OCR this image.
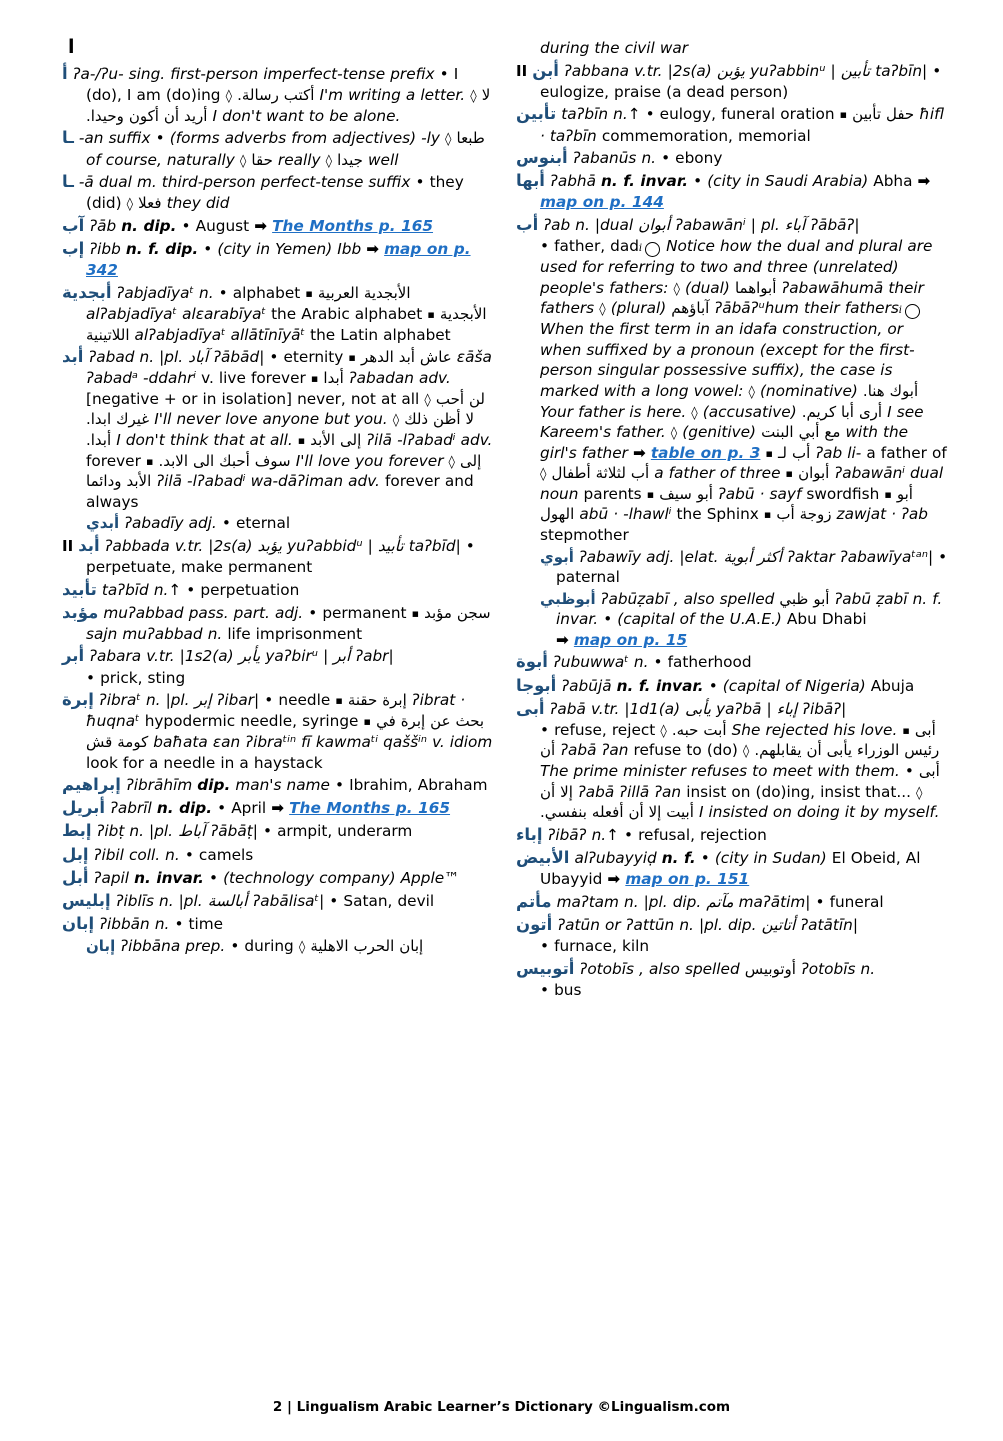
ا
أ ʔa-/ʔu- sing. first-person imperfect-tense prefix • I (do), I am (do)ing ◊ أكتب رسالة. I'm writing a letter. ◊ لا أريد أن أكون وحيدا. I don't want to be alone.
ـا -an suffix • (forms adverbs from adjectives) -ly ◊ طبعا of course, naturally ◊ حقا really ◊ جيدا well
ـا -ā dual m. third-person perfect-tense suffix • they (did) ◊ فعلا they did
آب ʔāb n. dip. • August ➡ The Months p. 165
إب ʔibb n. f. dip. • (city in Yemen) Ibb ➡ map on p. 342
أبجدية ʔabjadīyaᵗ n. • alphabet ▪ الأبجدية العربية alʔabjadīyaᵗ alɛarabīyaᵗ the Arabic alphabet ▪ الأبجدية اللاتينية alʔabjadīyaᵗ allātīnīyāᵗ the Latin alphabet
أبد ʔabad n. |pl. آباد ʔābād| • eternity ▪ عاش أبد الدهر ɛāša ʔabadᵃ -ddahrⁱ v. live forever ▪ أبدا ʔabadan adv. [negative + or in isolation] never, not at all ◊ لن أحب غيرك ابدا. I'll never love anyone but you. ◊ لا أظن ذلك أبدا. I don't think that at all. ▪ إلى الأبد ʔilā -lʔabadⁱ adv. forever ▪ سوف أحبك الى الابد. I'll love you forever ◊ إلى الأبد ودائما ʔilā -lʔabadⁱ wa-dāʔiman adv. forever and always
أبدي ʔabadīy adj. • eternal
II أبد ʔabbada v.tr. |2s(a) يؤبد yuʔabbidᵘ | تأبيد taʔbīd| • perpetuate, make permanent
تأبيد taʔbīd n.↑ • perpetuation
مؤبد muʔabbad pass. part. adj. • permanent ▪ سجن مؤبد sajn muʔabbad n. life imprisonment
أبر ʔabara v.tr. |1s2(a) يأبر yaʔbirᵘ | أبر ʔabr|
• prick, sting
إبرة ʔibraᵗ n. |pl. إبر ʔibar| • needle ▪ إبرة حقنة ʔibrat · ħuqnaᵗ hypodermic needle, syringe ▪ بحث عن إبرة في كومة قش baħata ɛan ʔibraᵗⁱⁿ fī kawmaᵗⁱ qaššⁱⁿ v. idiom look for a needle in a haystack
إبراهيم ʔibrāhīm dip. man's name • Ibrahim, Abraham
أبريل ʔabrīl n. dip. • April ➡ The Months p. 165
إبط ʔibṭ n. |pl. آباط ʔābāṭ| • armpit, underarm
إبل ʔibil coll. n. • camels
أبل ʔapil n. invar. • (technology company) Apple™
إبليس ʔiblīs n. |pl. أبالسة ʔabālisaᵗ| • Satan, devil
إبان ʔibbān n. • time
إبان ʔibbāna prep. • during ◊ إبان الحرب الاهلية
during the civil war
II أبن ʔabbana v.tr. |2s(a) يؤبن yuʔabbinᵘ | تأبين taʔbīn| • eulogize, praise (a dead person)
تأبين taʔbīn n.↑ • eulogy, funeral oration ▪ حفل تأبين ħifl · taʔbīn commemoration, memorial
أبنوس ʔabanūs n. • ebony
أبها ʔabhā n. f. invar. • (city in Saudi Arabia) Abha ➡ map on p. 144
أب ʔab n. |dual أبوان ʔabawānⁱ | pl. آباء ʔābāʔ|
• father, dad i Notice how the dual and plural are used for referring to two and three (unrelated) people's fathers: ◊ (dual) أبواهما ʔabawāhumā their fathers ◊ (plural) آباؤهم ʔābāʔᵘhum their fathers i When the first term in an idafa construction, or when suffixed by a pronoun (except for the first-person singular possessive suffix), the case is marked with a long vowel: ◊ (nominative) أبوك هنا. Your father is here. ◊ (accusative) أرى أبا كريم. I see Kareem's father. ◊ (genitive) مع أبي البنت with the girl's father ➡ table on p. 3 ▪ أب لـ ʔab li- a father of ◊ أب لثلاثة أطفال a father of three ▪ أبوان ʔabawānⁱ dual noun parents ▪ أبو سيف ʔabū · sayf swordfish ▪ أبو الهول abū · -lhawlⁱ the Sphinx ▪ زوجة أب zawjat · ʔab stepmother
أبوي ʔabawīy adj. |elat. أكثر أبوية ʔaktar ʔabawīyaᵗᵃⁿ| • paternal
أبوظبي ʔabūẓabī , also spelled أبو ظبي ʔabū ẓabī n. f. invar. • (capital of the U.A.E.) Abu Dhabi
➡ map on p. 15
أبوة ʔubuwwaᵗ n. • fatherhood
أبوجا ʔabūjā n. f. invar. • (capital of Nigeria) Abuja
أبى ʔabā v.tr. |1d1(a) يأبى yaʔbā | إباء ʔibāʔ|
• refuse, reject ◊ أبت حبه. She rejected his love. ▪ أبى أن ʔabā ʔan refuse to (do) ◊ رئيس الوزراء يأبى أن يقابلهم. The prime minister refuses to meet with them. • أبى إلا أن ʔabā ʔillā ʔan insist on (do)ing, insist that... ◊ أبيت إلا أن أفعله بنفسي. I insisted on doing it by myself.
إباء ʔibāʔ n.↑ • refusal, rejection
الأبيض alʔubayyiḍ n. f. • (city in Sudan) El Obeid, Al Ubayyid ➡ map on p. 151
مأتم maʔtam n. |pl. dip. مآتم maʔātim| • funeral
أتون ʔatūn or ʔattūn n. |pl. dip. أتاتين ʔatātīn|
• furnace, kiln
أتوبيس ʔotobīs , also spelled أوتوبيس ʔotobīs n.
• bus
2 | Lingualism Arabic Learner’s Dictionary ©Lingualism.com
